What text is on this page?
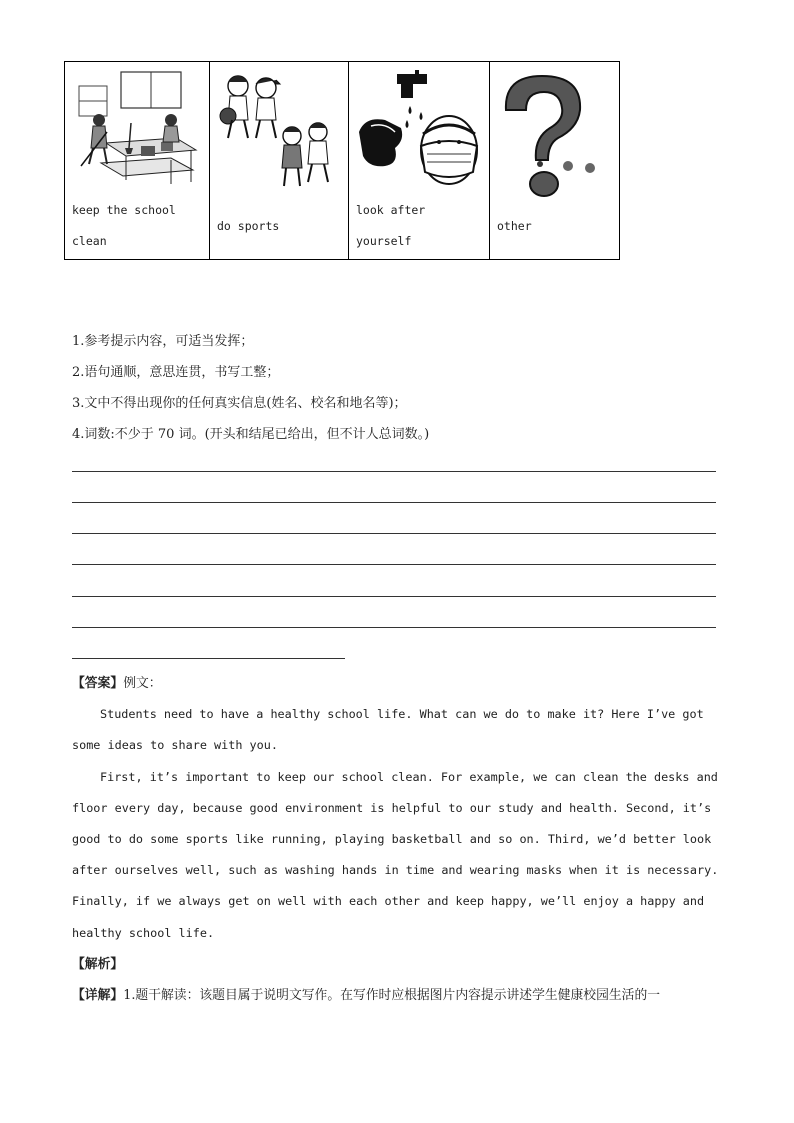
keep the school
clean

do sports

look after
yourself

other
1.参考提示内容，可适当发挥；
2.语句通顺，意思连贯，书写工整；
3.文中不得出现你的任何真实信息(姓名、校名和地名等)；
4.词数:不少于 70 词。(开头和结尾已给出，但不计人总词数。)
【答案】例文：
Students need to have a healthy school life. What can we do to make it? Here I’ve got
some ideas to share with you.
First, it’s important to keep our school clean. For example, we can clean the desks and
floor every day, because good environment is helpful to our study and health. Second, it’s
good to do some sports like running, playing basketball and so on. Third, we’d better look
after ourselves well, such as washing hands in time and wearing masks when it is necessary.
Finally, if we always get on well with each other and keep happy, we’ll enjoy a happy and
healthy school life.
【解析】
【详解】1.题干解读：该题目属于说明文写作。在写作时应根据图片内容提示讲述学生健康校园生活的一
